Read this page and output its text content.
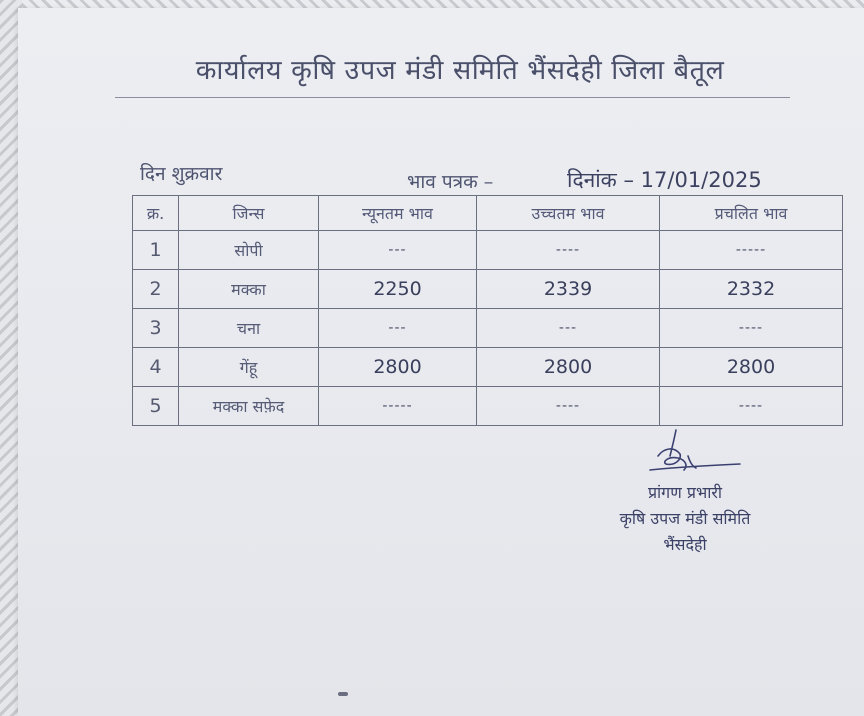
कार्यालय कृषि उपज मंडी समिति भैंसदेही जिला बैतूल
दिन शुक्रवार	भाव पत्रक –	दिनांक – 17/01/2025
क्र.	जिन्स	न्यूनतम भाव	उच्चतम भाव	प्रचलित भाव
1	सोपी	---	----	-----
2	मक्का	2250	2339	2332
3	चना	---	---	----
4	गेंहू	2800	2800	2800
5	मक्का सफ़ेद	-----	----	----
प्रांगण प्रभारी
कृषि उपज मंडी समिति
भैंसदेही
